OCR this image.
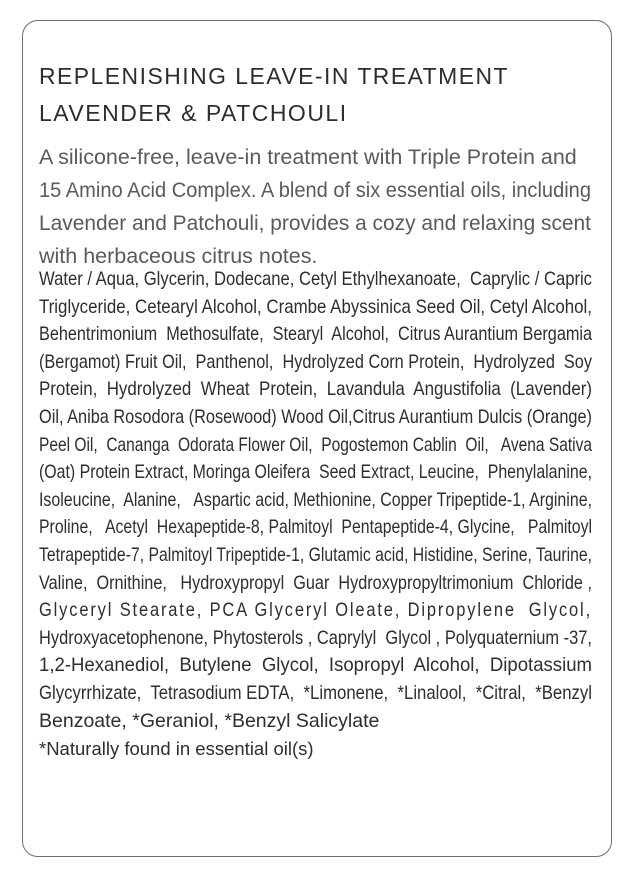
REPLENISHING LEAVE-IN TREATMENT
LAVENDER & PATCHOULI
A silicone-free, leave-in treatment with Triple Protein and
15 Amino Acid Complex. A blend of six essential oils, including
Lavender and Patchouli, provides a cozy and relaxing scent
with herbaceous citrus notes.
Water / Aqua, Glycerin, Dodecane, Cetyl Ethylhexanoate,  Caprylic / Capric
Triglyceride, Cetearyl Alcohol, Crambe Abyssinica Seed Oil, Cetyl Alcohol,
Behentrimonium  Methosulfate,  Stearyl  Alcohol,  Citrus Aurantium Bergamia
(Bergamot) Fruit Oil,  Panthenol,  Hydrolyzed Corn Protein,  Hydrolyzed  Soy
Protein,  Hydrolyzed  Wheat  Protein,  Lavandula  Angustifolia  (Lavender)
Oil, Aniba Rosodora (Rosewood) Wood Oil,Citrus Aurantium Dulcis (Orange)
Peel Oil,  Cananga  Odorata Flower Oil,  Pogostemon Cablin  Oil,   Avena Sativa
(Oat) Protein Extract, Moringa Oleifera  Seed Extract, Leucine,  Phenylalanine,
Isoleucine,  Alanine,   Aspartic acid, Methionine, Copper Tripeptide-1, Arginine,
Proline,   Acetyl  Hexapeptide-8, Palmitoyl  Pentapeptide-4, Glycine,   Palmitoyl
Tetrapeptide-7, Palmitoyl Tripeptide-1, Glutamic acid, Histidine, Serine, Taurine,
Valine,  Ornithine,   Hydroxypropyl  Guar  Hydroxypropyltrimonium  Chloride ,
Glyceryl Stearate, PCA Glyceryl Oleate, Dipropylene  Glycol,
Hydroxyacetophenone, Phytosterols , Caprylyl  Glycol , Polyquaternium -37,
1,2-Hexanediol,  Butylene  Glycol,  Isopropyl  Alcohol,  Dipotassium
Glycyrrhizate,  Tetrasodium EDTA,  *Limonene,  *Linalool,  *Citral,  *Benzyl
Benzoate, *Geraniol, *Benzyl Salicylate
*Naturally found in essential oil(s)
